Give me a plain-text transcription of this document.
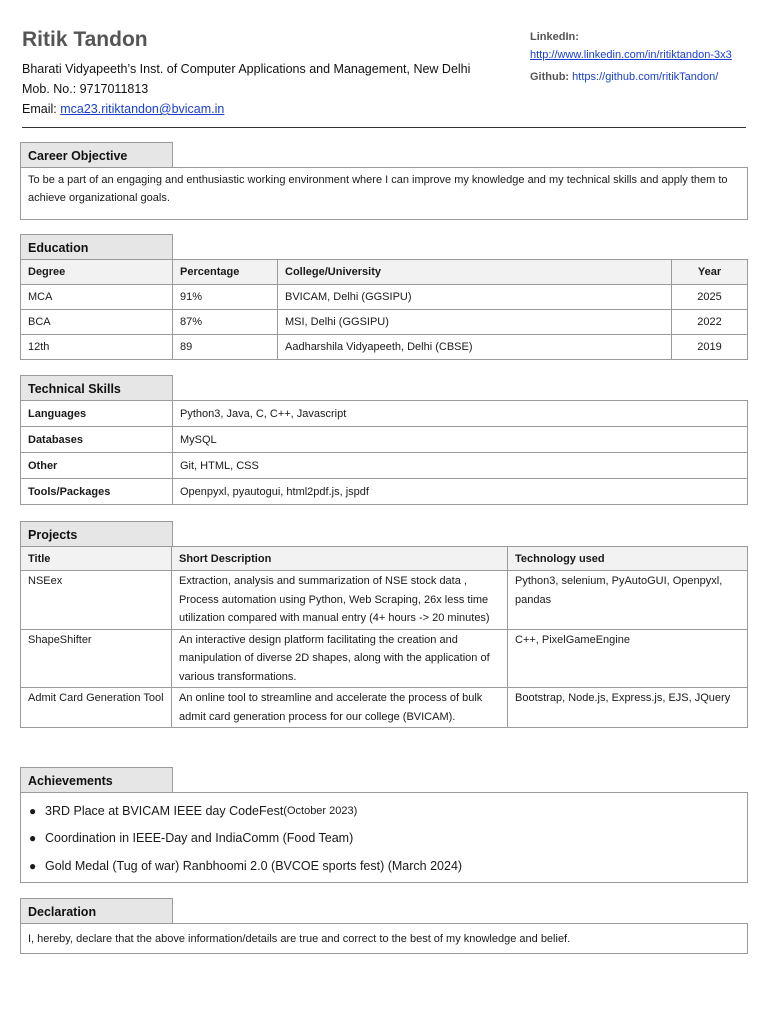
Ritik Tandon
Bharati Vidyapeeth’s Inst. of Computer Applications and Management, New Delhi
Mob. No.: 9717011813
Email: mca23.ritiktandon@bvicam.in
LinkedIn:
http://www.linkedin.com/in/ritiktandon-3x3
Github: https://github.com/ritikTandon/
Career Objective
To be a part of an engaging and enthusiastic working environment where I can improve my knowledge and my technical skills and apply them to achieve organizational goals.
Education
Degree	Percentage	College/University	Year
MCA	91%	BVICAM, Delhi (GGSIPU)	2025
BCA	87%	MSI, Delhi (GGSIPU)	2022
12th	89	Aadharshila Vidyapeeth, Delhi (CBSE)	2019
Technical Skills
Languages	Python3, Java, C, C++, Javascript
Databases	MySQL
Other	Git, HTML, CSS
Tools/Packages	Openpyxl, pyautogui, html2pdf.js, jspdf
Projects
Title	Short Description	Technology used
NSEex	Extraction, analysis and summarization of NSE stock data , Process automation using Python, Web Scraping, 26x less time utilization compared with manual entry (4+ hours -> 20 minutes)	Python3, selenium, PyAutoGUI, Openpyxl, pandas
ShapeShifter	An interactive design platform facilitating the creation and manipulation of diverse 2D shapes, along with the application of various transformations.	C++, PixelGameEngine
Admit Card Generation Tool	An online tool to streamline and accelerate the process of bulk admit card generation process for our college (BVICAM).	Bootstrap, Node.js, Express.js, EJS, JQuery
Achievements
● 3RD Place at BVICAM IEEE day CodeFest (October 2023)
● Coordination in IEEE-Day and IndiaComm (Food Team)
● Gold Medal (Tug of war) Ranbhoomi 2.0 (BVCOE sports fest) (March 2024)
Declaration
I, hereby, declare that the above information/details are true and correct to the best of my knowledge and belief.
